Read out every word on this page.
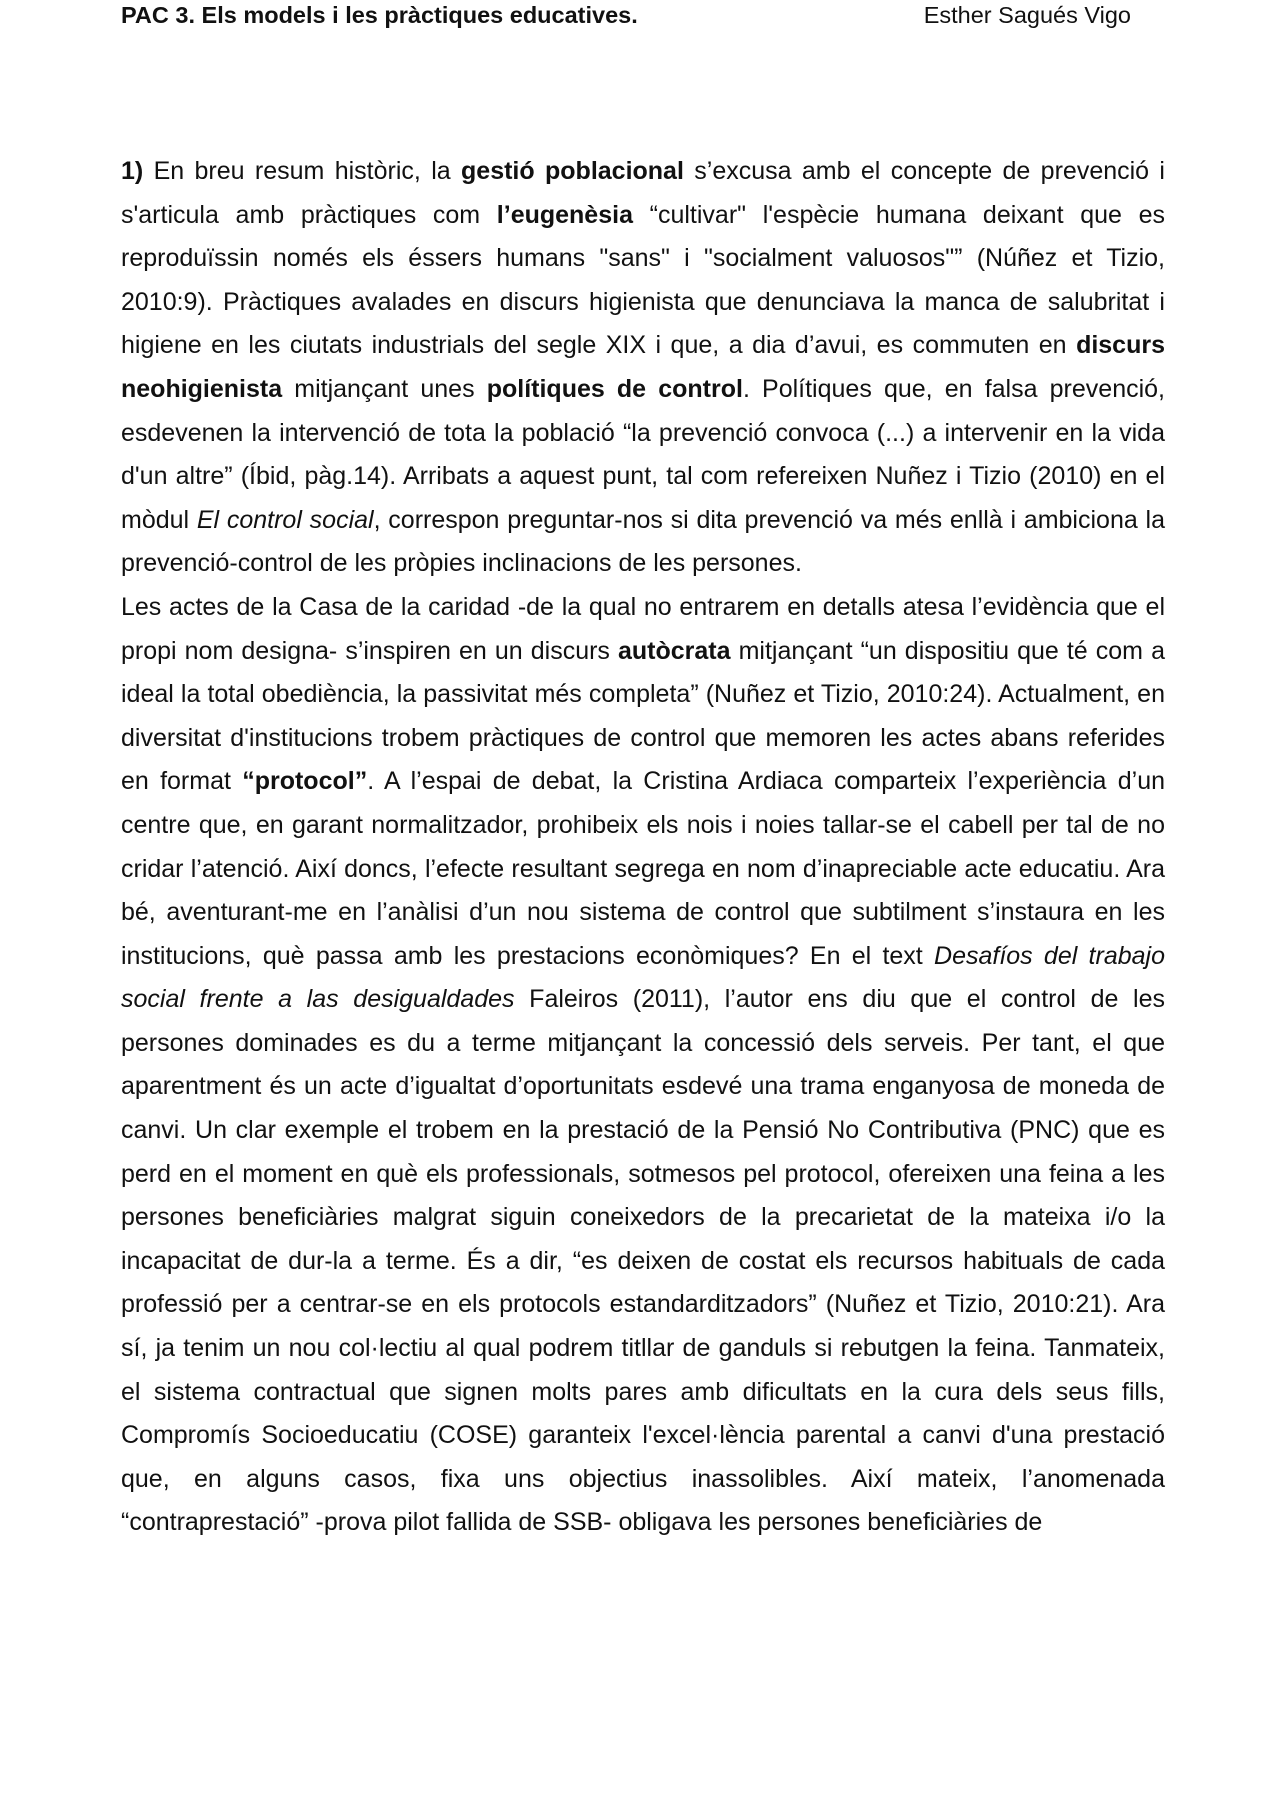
PAC 3. Els models i les pràctiques educatives.	Esther Sagués Vigo

1) En breu resum històric, la gestió poblacional s’excusa amb el concepte de prevenció i s'articula amb pràctiques com l’eugenèsia “cultivar" l'espècie humana deixant que es reproduïssin només els éssers humans "sans" i "socialment valuosos"” (Núñez et Tizio, 2010:9). Pràctiques avalades en discurs higienista que denunciava la manca de salubritat i higiene en les ciutats industrials del segle XIX i que, a dia d’avui, es commuten en discurs neohigienista mitjançant unes polítiques de control. Polítiques que, en falsa prevenció, esdevenen la intervenció de tota la població “la prevenció convoca (...) a intervenir en la vida d'un altre” (Íbid, pàg.14). Arribats a aquest punt, tal com refereixen Nuñez i Tizio (2010) en el mòdul El control social, correspon preguntar-nos si dita prevenció va més enllà i ambiciona la prevenció-control de les pròpies inclinacions de les persones.

Les actes de la Casa de la caridad -de la qual no entrarem en detalls atesa l’evidència que el propi nom designa- s’inspiren en un discurs autòcrata mitjançant “un dispositiu que té com a ideal la total obediència, la passivitat més completa” (Nuñez et Tizio, 2010:24). Actualment, en diversitat d'institucions trobem pràctiques de control que memoren les actes abans referides en format “protocol”. A l’espai de debat, la Cristina Ardiaca comparteix l’experiència d’un centre que, en garant normalitzador, prohibeix els nois i noies tallar-se el cabell per tal de no cridar l’atenció. Així doncs, l’efecte resultant segrega en nom d’inapreciable acte educatiu. Ara bé, aventurant-me en l’anàlisi d’un nou sistema de control que subtilment s’instaura en les institucions, què passa amb les prestacions econòmiques? En el text Desafíos del trabajo social frente a las desigualdades Faleiros (2011), l’autor ens diu que el control de les persones dominades es du a terme mitjançant la concessió dels serveis. Per tant, el que aparentment és un acte d’igualtat d’oportunitats esdevé una trama enganyosa de moneda de canvi. Un clar exemple el trobem en la prestació de la Pensió No Contributiva (PNC) que es perd en el moment en què els professionals, sotmesos pel protocol, ofereixen una feina a les persones beneficiàries malgrat siguin coneixedors de la precarietat de la mateixa i/o la incapacitat de dur-la a terme. És a dir, “es deixen de costat els recursos habituals de cada professió per a centrar-se en els protocols estandarditzadors” (Nuñez et Tizio, 2010:21). Ara sí, ja tenim un nou col·lectiu al qual podrem titllar de ganduls si rebutgen la feina. Tanmateix, el sistema contractual que signen molts pares amb dificultats en la cura dels seus fills, Compromís Socioeducatiu (COSE) garanteix l'excel·lència parental a canvi d'una prestació que, en alguns casos, fixa uns objectius inassolibles. Així mateix, l’anomenada “contraprestació” -prova pilot fallida de SSB- obligava les persones beneficiàries de
